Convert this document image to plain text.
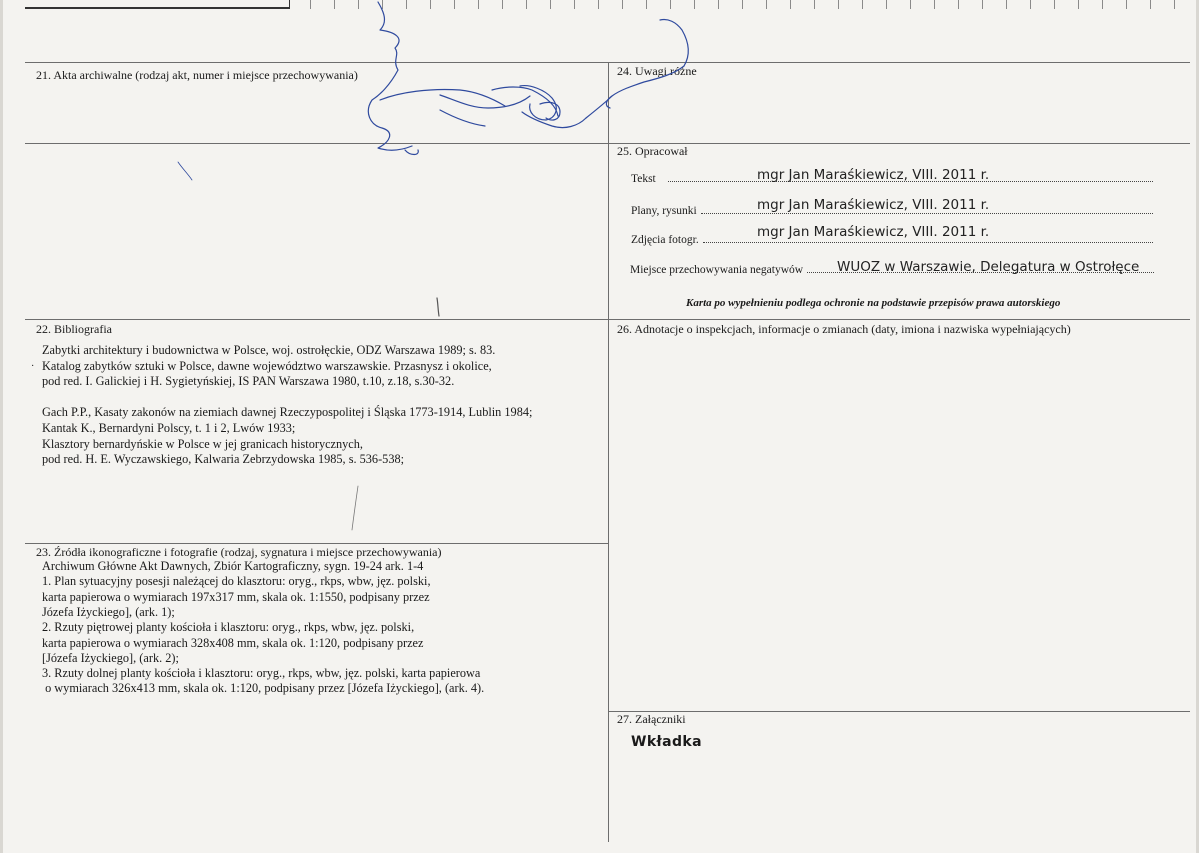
21. Akta archiwalne (rodzaj akt, numer i miejsce przechowywania)	24. Uwagi różne
25. Opracował
22. Bibliografia	26. Adnotacje o inspekcjach, informacje o zmianach (daty, imiona i nazwiska wypełniających)
23. Źródła ikonograficzne i fotografie (rodzaj, sygnatura i miejsce przechowywania)
27. Załączniki
Tekst	mgr Jan Maraśkiewicz, VIII. 2011 r.
Plany, rysunki	mgr Jan Maraśkiewicz, VIII. 2011 r.
Zdjęcia fotogr.	mgr Jan Maraśkiewicz, VIII. 2011 r.
Miejsce przechowywania negatywów	WUOZ w Warszawie, Delegatura w Ostrołęce
Karta po wypełnieniu podlega ochronie na podstawie przepisów prawa autorskiego
Zabytki architektury i budownictwa w Polsce, woj. ostrołęckie, ODZ Warszawa 1989; s. 83.
Katalog zabytków sztuki w Polsce, dawne województwo warszawskie. Przasnysz i okolice,
pod red. I. Galickiej i H. Sygietyńskiej, IS PAN Warszawa 1980, t.10, z.18, s.30-32.
Gach P.P., Kasaty zakonów na ziemiach dawnej Rzeczypospolitej i Śląska 1773-1914, Lublin 1984;
Kantak K., Bernardyni Polscy, t. 1 i 2, Lwów 1933;
Klasztory bernardyńskie w Polsce w jej granicach historycznych,
pod red. H. E. Wyczawskiego, Kalwaria Zebrzydowska 1985, s. 536-538;
·
Archiwum Główne Akt Dawnych, Zbiór Kartograficzny, sygn. 19-24 ark. 1-4
1. Plan sytuacyjny posesji należącej do klasztoru: oryg., rkps, wbw, jęz. polski,
karta papierowa o wymiarach 197x317 mm, skala ok. 1:1550, podpisany przez
Józefa Iżyckiego], (ark. 1);
2. Rzuty piętrowej planty kościoła i klasztoru: oryg., rkps, wbw, jęz. polski,
karta papierowa o wymiarach 328x408 mm, skala ok. 1:120, podpisany przez
[Józefa Iżyckiego], (ark. 2);
3. Rzuty dolnej planty kościoła i klasztoru: oryg., rkps, wbw, jęz. polski, karta papierowa
o wymiarach 326x413 mm, skala ok. 1:120, podpisany przez [Józefa Iżyckiego], (ark. 4).
Wkładka
